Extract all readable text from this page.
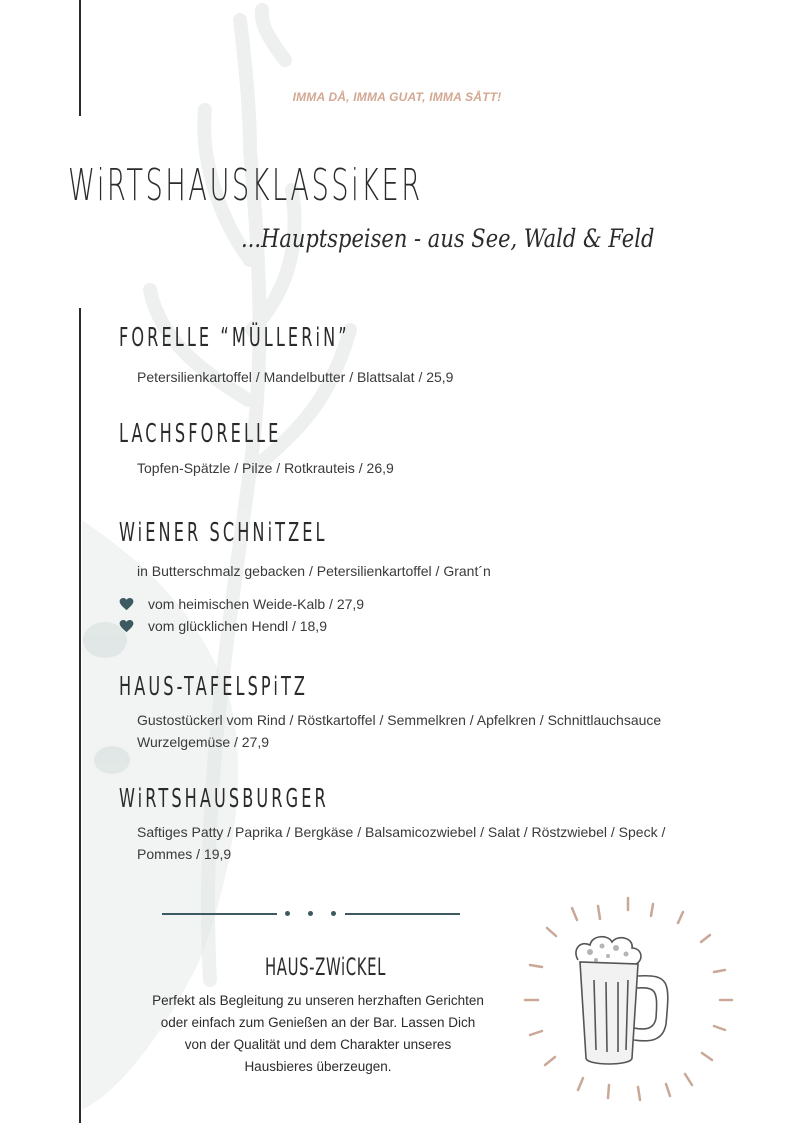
IMMA DÅ, IMMA GUAT, IMMA SÅTT!
WiRTSHAUSKLASSiKER
...Hauptspeisen - aus See, Wald & Feld
FORELLE “MÜLLERiN”
Petersilienkartoffel / Mandelbutter / Blattsalat / 25,9
LACHSFORELLE
Topfen-Spätzle / Pilze / Rotkrauteis / 26,9
WiENER SCHNiTZEL
in Butterschmalz gebacken / Petersilienkartoffel / Grant´n
vom heimischen Weide-Kalb / 27,9
vom glücklichen Hendl / 18,9
HAUS-TAFELSPiTZ
Gustostückerl vom Rind / Röstkartoffel / Semmelkren / Apfelkren / Schnittlauchsauce
Wurzelgemüse / 27,9
WiRTSHAUSBURGER
Saftiges Patty / Paprika / Bergkäse / Balsamicozwiebel / Salat / Röstzwiebel / Speck /
Pommes / 19,9
HAUS-ZWiCKEL
Perfekt als Begleitung zu unseren herzhaften Gerichten
oder einfach zum Genießen an der Bar. Lassen Dich
von der Qualität und dem Charakter unseres
Hausbieres überzeugen.
